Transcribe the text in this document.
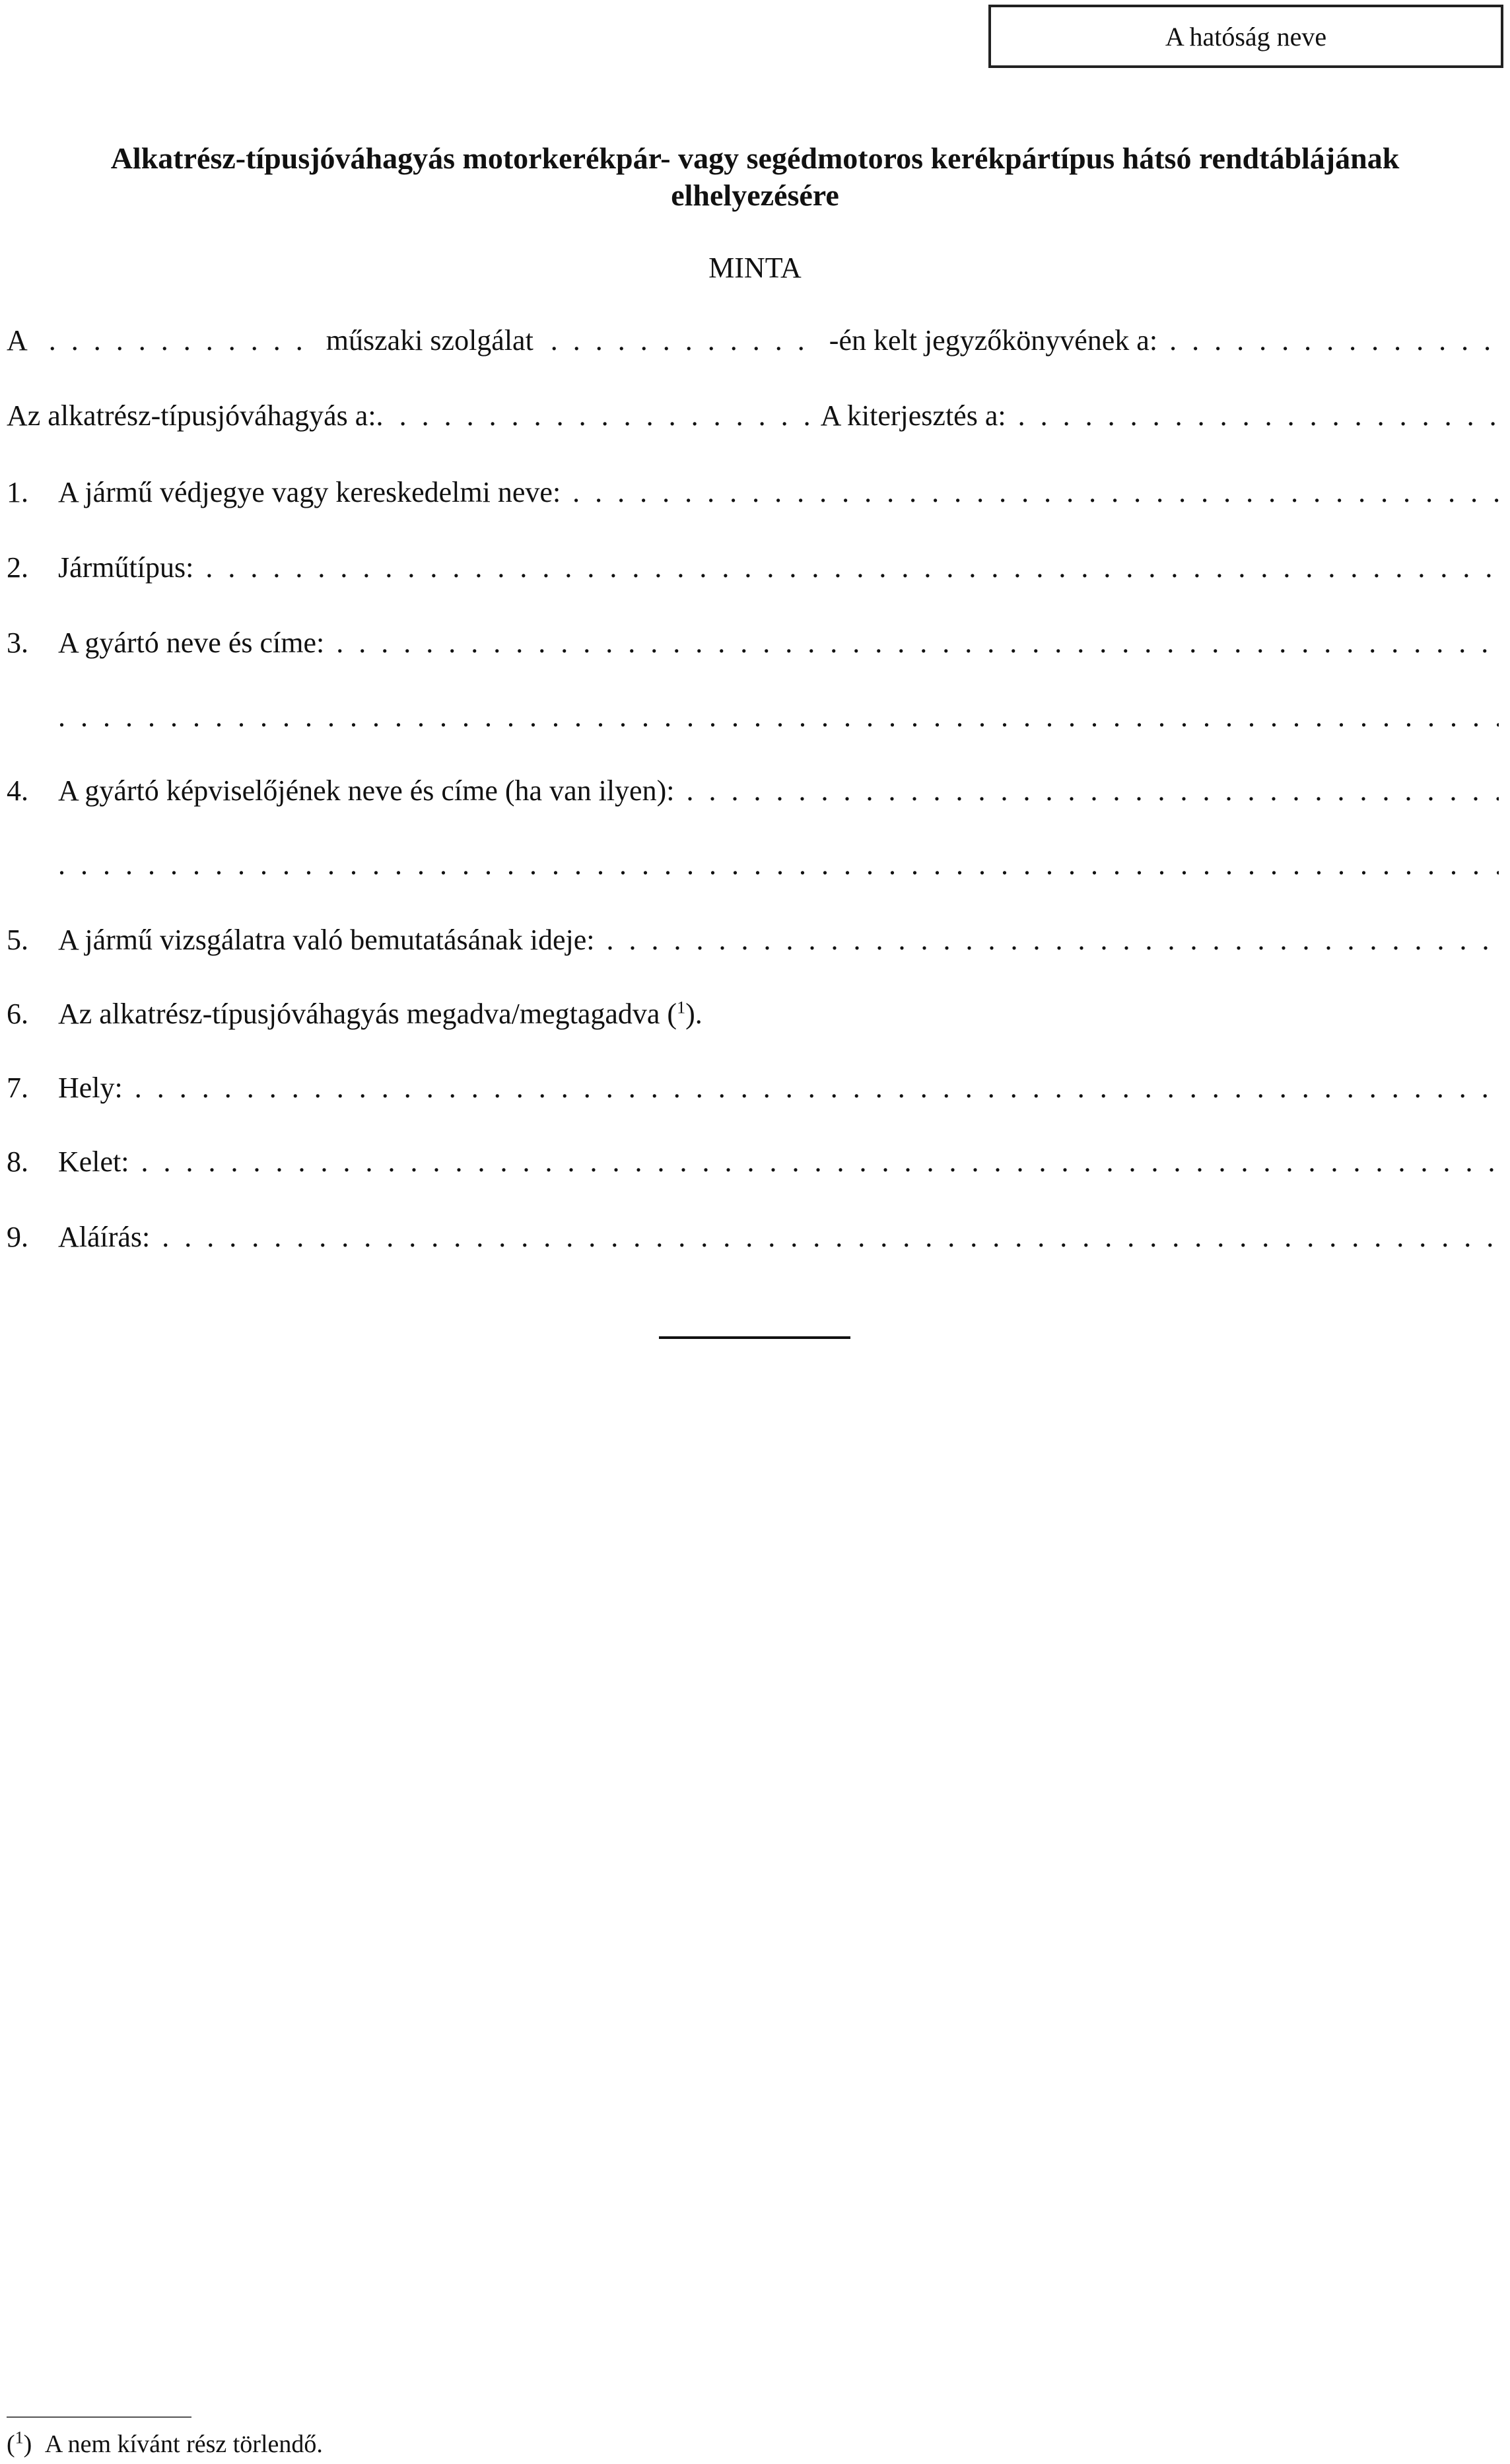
A hatóság neve
Alkatrész-típusjóváhagyás motorkerékpár- vagy segédmotoros kerékpártípus hátsó rendtáblájának elhelyezésére
MINTA
A . . .	műszaki szolgálat . . .	-én kelt jegyzőkönyvének a:
. . .
Az alkatrész-típusjóváhagyás a:. . . .	A kiterjesztés a:
. . .
1.	A jármű védjegye vagy kereskedelmi neve:
. . .
2.	Járműtípus:
. . .
3.	A gyártó neve és címe:
. . .
. . .
4.	A gyártó képviselőjének neve és címe (ha van ilyen):
. . .
. . .
5.	A jármű vizsgálatra való bemutatásának ideje:
. . .
6.	Az alkatrész-típusjóváhagyás megadva/megtagadva ($^1$).
7.	Hely:
. . .
8.	Kelet:
. . .
9.	Aláírás:
. . .
($^1$) A nem kívánt rész törlendő.
